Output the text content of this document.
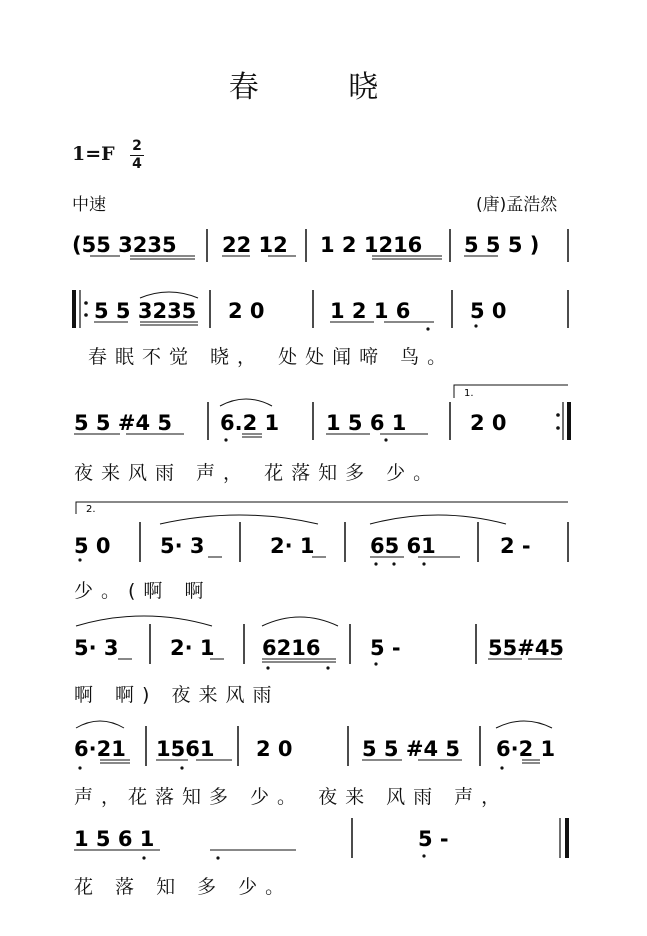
春 晓
1=F 2
4
中速	(唐)孟浩然
(55 3235 22 12 1 2 1216 5 5 5 )
5 5 3235 2 0	1 2 1 6	5 0
5 5 #4 5 6.2 1 1 5 6 1
1.
2 0
2.
5 0 5· 3	2· 1	65 61	2 -
5· 3 2· 1 6216 5 -	55#45
6·21 1561 2 0	5 5 #4 5 6·2 1
1 5 6 1	5 -
春眠不觉 晓， 处处闻啼 鸟。
夜来风雨 声， 花落知多 少。
少。(啊 啊
啊 啊) 夜来风雨
声，花落知多 少。 夜来 风雨 声，
花 落 知 多 少。
